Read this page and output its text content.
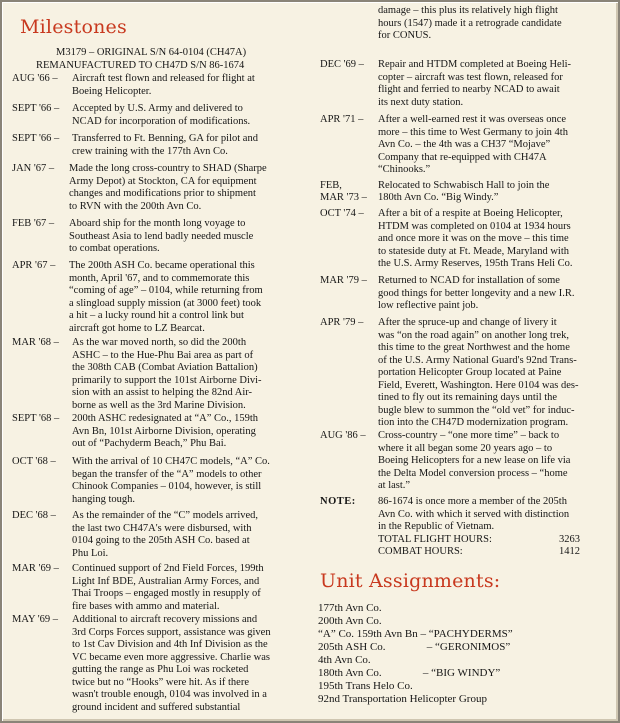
Milestones
M3179 – ORIGINAL S/N 64-0104 (CH47A)
REMANUFACTURED TO CH47D S/N 86-1674
AUG '66 – Aircraft test flown and released for flight at
Boeing Helicopter.
SEPT '66 – Accepted by U.S. Army and delivered to
NCAD for incorporation of modifications.
SEPT '66 – Transferred to Ft. Benning, GA for pilot and
crew training with the 177th Avn Co.
JAN '67 – Made the long cross-country to SHAD (Sharpe
Army Depot) at Stockton, CA for equipment
changes and modifications prior to shipment
to RVN with the 200th Avn Co.
FEB '67 – Aboard ship for the month long voyage to
Southeast Asia to lend badly needed muscle
to combat operations.
APR '67 – The 200th ASH Co. became operational this
month, April '67, and to commemorate this
“coming of age” – 0104, while returning from
a slingload supply mission (at 3000 feet) took
a hit – a lucky round hit a control link but
aircraft got home to LZ Bearcat.
MAR '68 – As the war moved north, so did the 200th
ASHC – to the Hue-Phu Bai area as part of
the 308th CAB (Combat Aviation Battalion)
primarily to support the 101st Airborne Divi-
sion with an assist to helping the 82nd Air-
borne as well as the 3rd Marine Division.
SEPT '68 – 200th ASHC redesignated at “A” Co., 159th
Avn Bn, 101st Airborne Division, operating
out of “Pachyderm Beach,” Phu Bai.
OCT '68 – With the arrival of 10 CH47C models, “A” Co.
began the transfer of the “A” models to other
Chinook Companies – 0104, however, is still
hanging tough.
DEC '68 – As the remainder of the “C” models arrived,
the last two CH47A's were disbursed, with
0104 going to the 205th ASH Co. based at
Phu Loi.
MAR '69 – Continued support of 2nd Field Forces, 199th
Light Inf BDE, Australian Army Forces, and
Thai Troops – engaged mostly in resupply of
fire bases with ammo and material.
MAY '69 – Additional to aircraft recovery missions and
3rd Corps Forces support, assistance was given
to 1st Cav Division and 4th Inf Division as the
VC became even more aggressive. Charlie was
gutting the range as Phu Loi was rocketed
twice but no “Hooks” were hit. As if there
wasn't trouble enough, 0104 was involved in a
ground incident and suffered substantial
damage – this plus its relatively high flight
hours (1547) made it a retrograde candidate
for CONUS.
DEC '69 – Repair and HTDM completed at Boeing Heli-
copter – aircraft was test flown, released for
flight and ferried to nearby NCAD to await
its next duty station.
APR '71 – After a well-earned rest it was overseas once
more – this time to West Germany to join 4th
Avn Co. – the 4th was a CH37 “Mojave”
Company that re-equipped with CH47A
“Chinooks.”
FEB,	Relocated to Schwabisch Hall to join the
MAR '73 – 180th Avn Co. “Big Windy.”
OCT '74 – After a bit of a respite at Boeing Helicopter,
HTDM was completed on 0104 at 1934 hours
and once more it was on the move – this time
to stateside duty at Ft. Meade, Maryland with
the U.S. Army Reserves, 195th Trans Heli Co.
MAR '79 – Returned to NCAD for installation of some
good things for better longevity and a new I.R.
low reflective paint job.
APR '79 – After the spruce-up and change of livery it
was “on the road again” on another long trek,
this time to the great Northwest and the home
of the U.S. Army National Guard's 92nd Trans-
portation Helicopter Group located at Paine
Field, Everett, Washington. Here 0104 was des-
tined to fly out its remaining days until the
bugle blew to summon the “old vet” for induc-
tion into the CH47D modernization program.
AUG '86 – Cross-country – “one more time” – back to
where it all began some 20 years ago – to
Boeing Helicopters for a new lease on life via
the Delta Model conversion process – “home
at last.”
NOTE: 86-1674 is once more a member of the 205th
Avn Co. with which it served with distinction
in the Republic of Vietnam.
TOTAL FLIGHT HOURS:	3263
COMBAT HOURS:	1412
Unit Assignments:
177th Avn Co.
200th Avn Co.
“A” Co. 159th Avn Bn – “PACHYDERMS”
205th ASH Co.               – “GERONIMOS”
4th Avn Co.
180th Avn Co.               – “BIG WINDY”
195th Trans Helo Co.
92nd Transportation Helicopter Group
